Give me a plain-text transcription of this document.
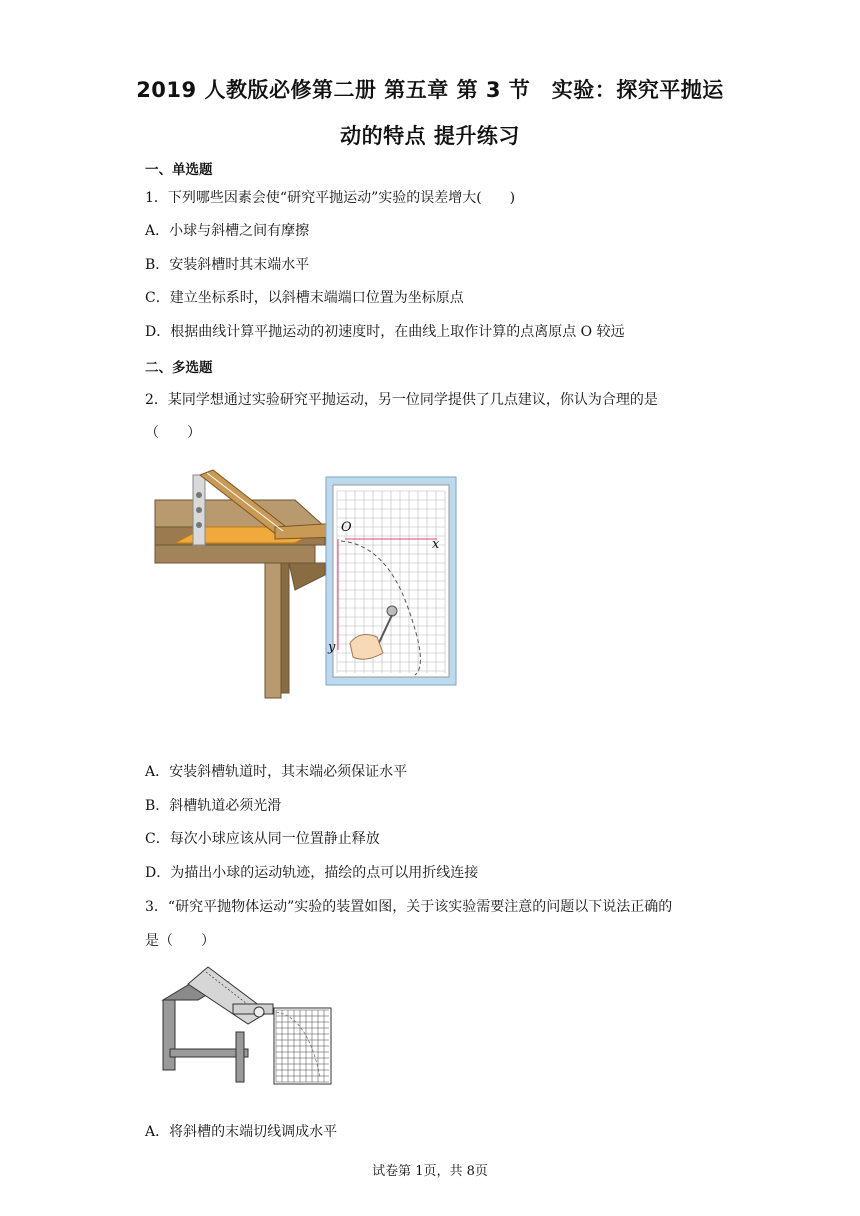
2019 人教版必修第二册 第五章 第 3 节　实验：探究平抛运
动的特点 提升练习
一、单选题
1．下列哪些因素会使“研究平抛运动”实验的误差增大(　　)
A．小球与斜槽之间有摩擦
B．安装斜槽时其末端水平
C．建立坐标系时，以斜槽末端端口位置为坐标原点
D．根据曲线计算平抛运动的初速度时，在曲线上取作计算的点离原点 O 较远
二、多选题
2．某同学想通过实验研究平抛运动，另一位同学提供了几点建议，你认为合理的是
（　　）
O
x
y
A．安装斜槽轨道时，其末端必须保证水平
B．斜槽轨道必须光滑
C．每次小球应该从同一位置静止释放
D．为描出小球的运动轨迹，描绘的点可以用折线连接
3．“研究平抛物体运动”实验的装置如图，关于该实验需要注意的问题以下说法正确的
是（　　）
A．将斜槽的末端切线调成水平
试卷第 1页，共 8页
